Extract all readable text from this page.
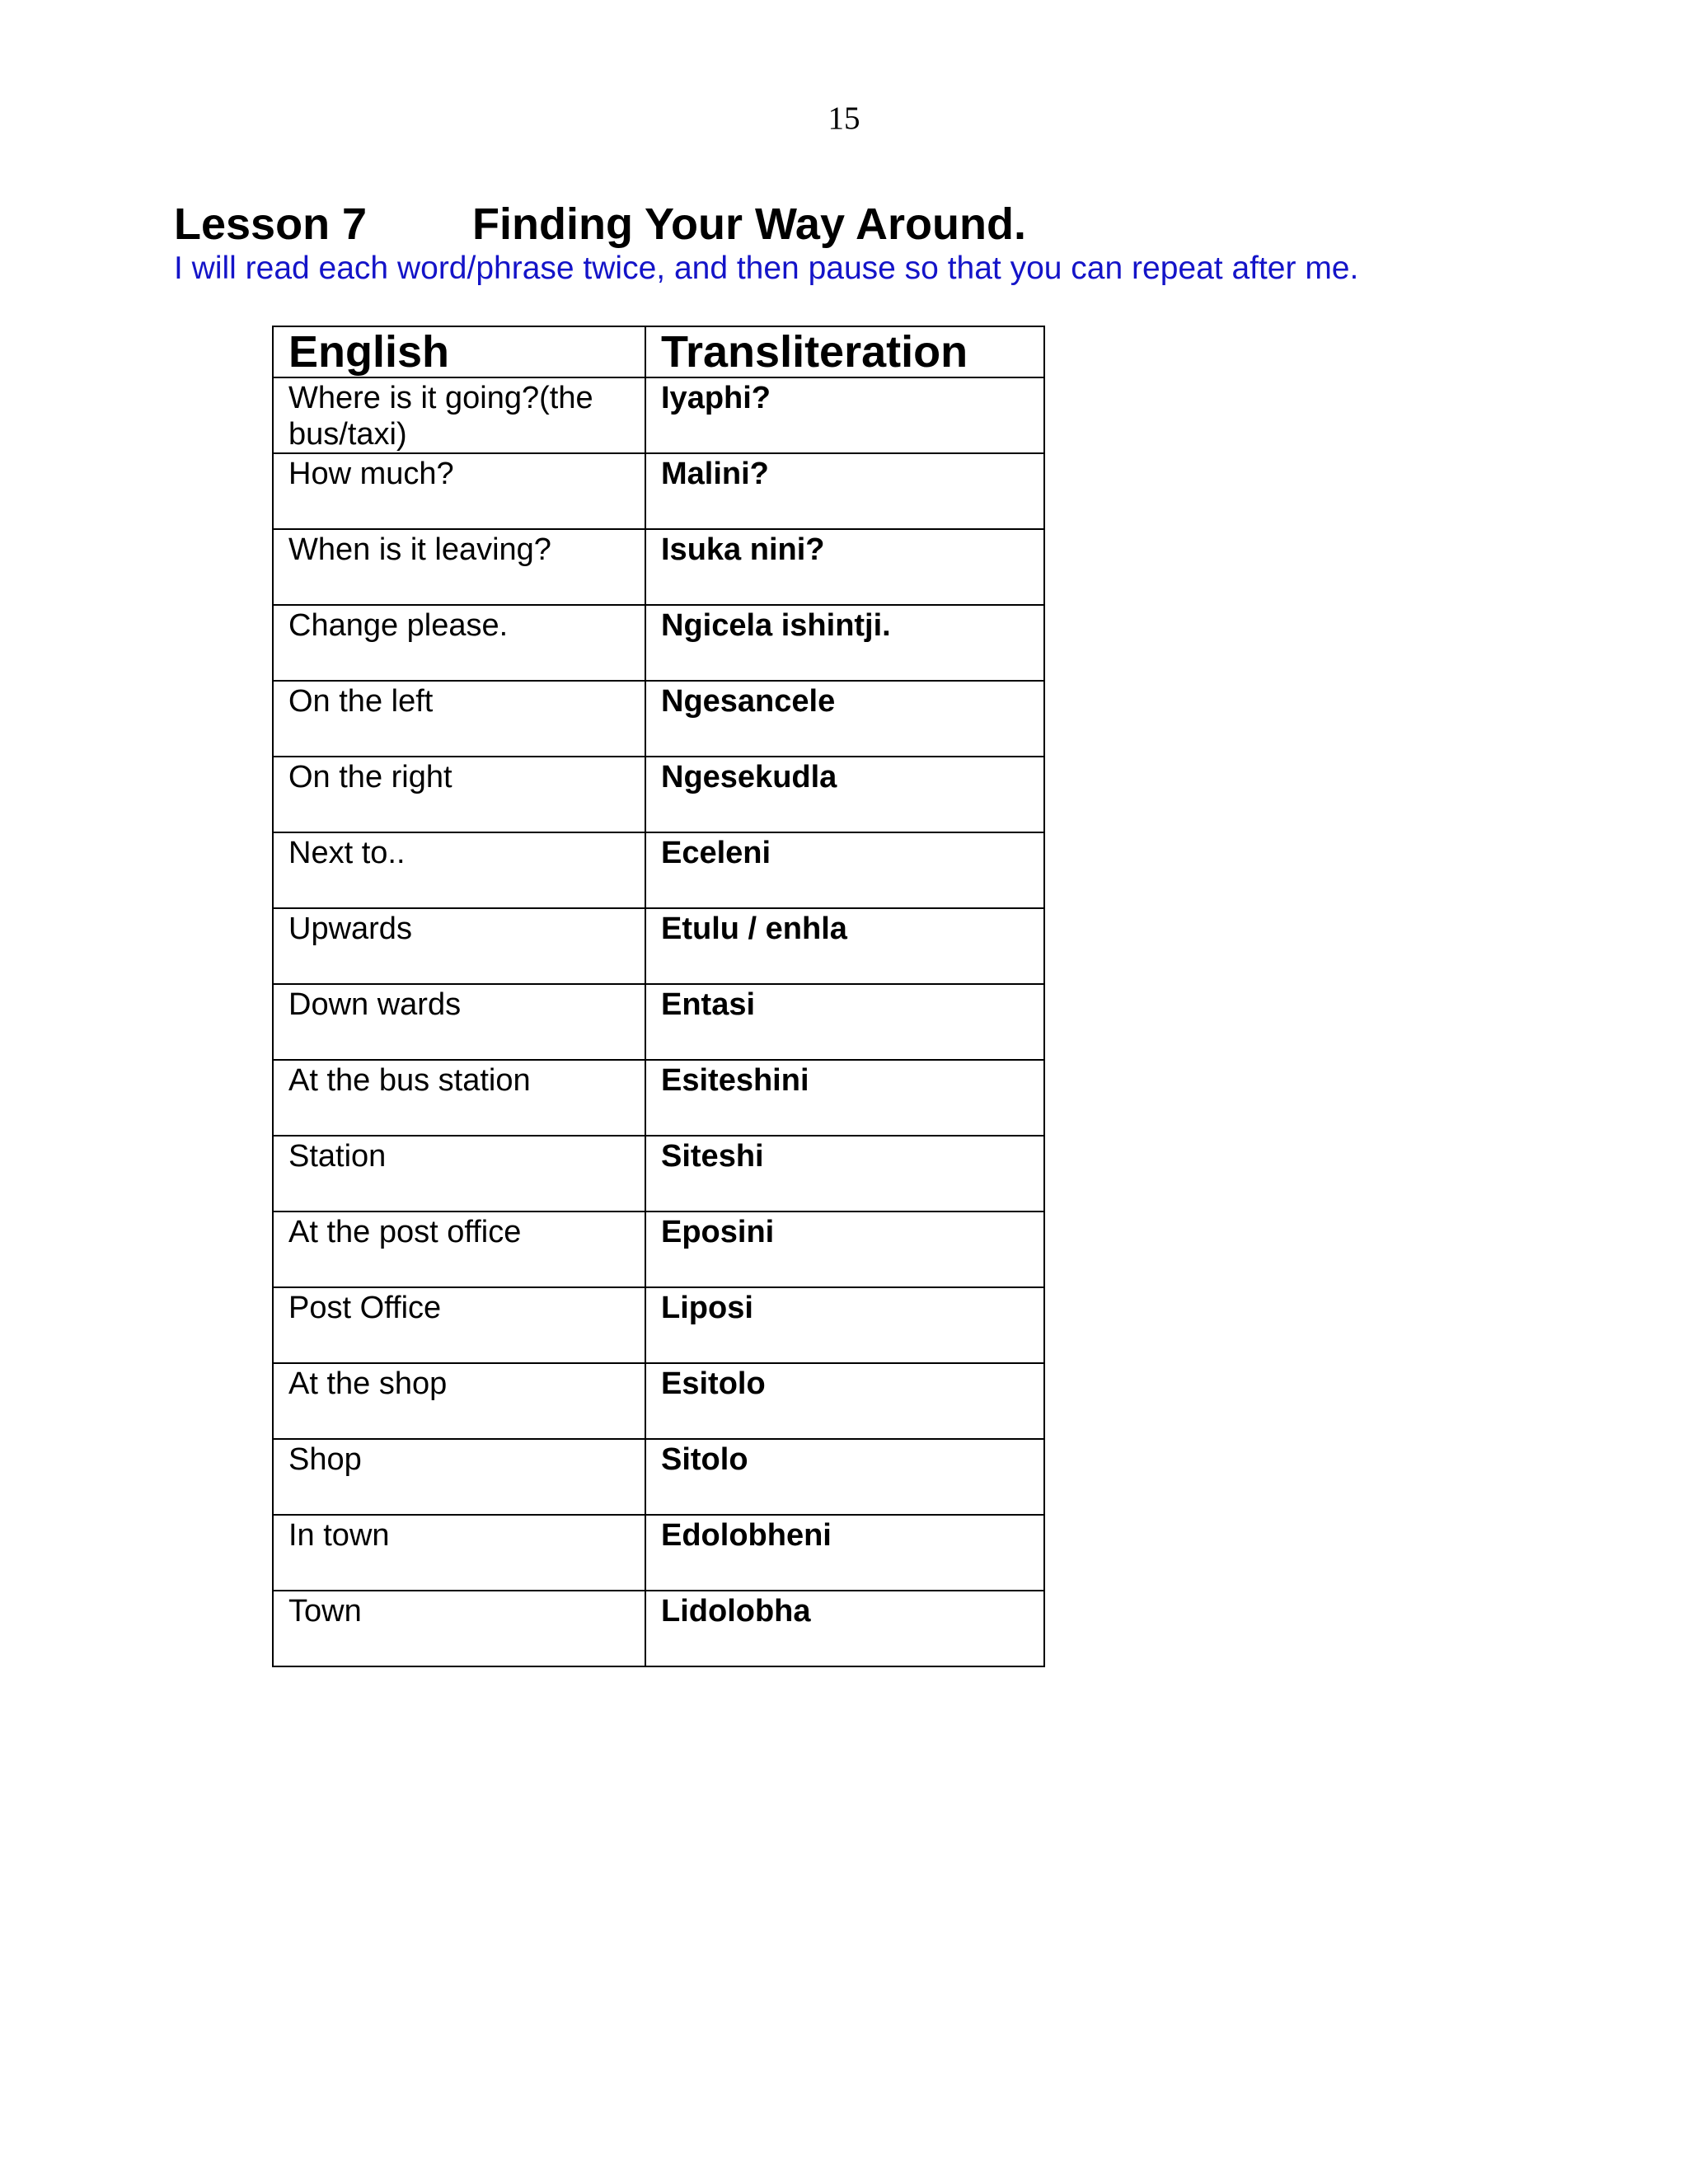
15
Lesson 7 Finding Your Way Around.
I will read each word/phrase twice, and then pause so that you can repeat after me.
English	Transliteration
Where is it going?(the bus/taxi)	Iyaphi?
How much?	Malini?
When is it leaving?	Isuka nini?
Change please.	Ngicela ishintji.
On the left	Ngesancele
On the right	Ngesekudla
Next to..	Eceleni
Upwards	Etulu / enhla
Down wards	Entasi
At the bus station	Esiteshini
Station	Siteshi
At the post office	Eposini
Post Office	Liposi
At the shop	Esitolo
Shop	Sitolo
In town	Edolobheni
Town	Lidolobha
